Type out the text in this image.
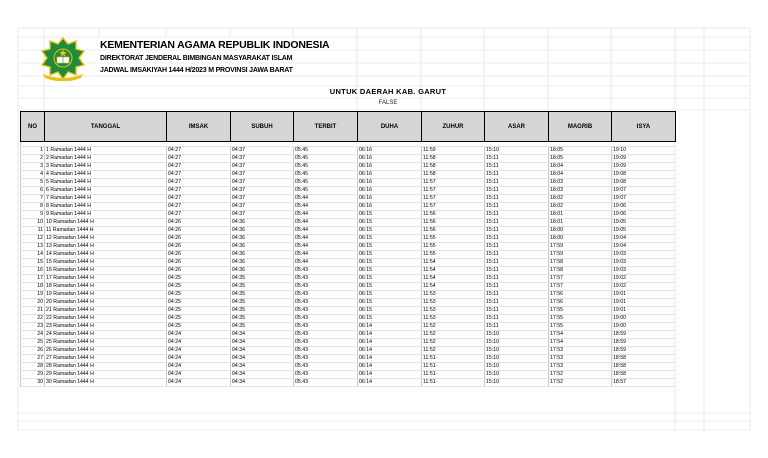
KEMENTERIAN AGAMA REPUBLIK INDONESIA
DIREKTORAT JENDERAL BIMBINGAN MASYARAKAT ISLAM
JADWAL IMSAKIYAH 1444 H/2023 M PROVINSI JAWA BARAT
UNTUK DAERAH KAB. GARUT
FALSE
NO	TANGGAL	IMSAK	SUBUH	TERBIT	DUHA	ZUHUR	ASAR	MAGRIB	ISYA

1	1 Ramadan 1444 H	04:27	04:37	05:45	06:16	11:59	15:10	18:05	19:10
2	2 Ramadan 1444 H	04:27	04:37	05:45	06:16	11:58	15:11	18:05	19:09
3	3 Ramadan 1444 H	04:27	04:37	05:45	06:16	11:58	15:11	18:04	19:09
4	4 Ramadan 1444 H	04:27	04:37	05:45	06:16	11:58	15:11	18:04	19:08
5	5 Ramadan 1444 H	04:27	04:37	05:45	06:16	11:57	15:11	18:03	19:08
6	6 Ramadan 1444 H	04:27	04:37	05:45	06:16	11:57	15:11	18:03	19:07
7	7 Ramadan 1444 H	04:27	04:37	05:44	06:16	11:57	15:11	18:02	19:07
8	8 Ramadan 1444 H	04:27	04:37	05:44	06:16	11:57	15:11	18:02	19:06
9	9 Ramadan 1444 H	04:27	04:37	05:44	06:15	11:56	15:11	18:01	19:06
10	10 Ramadan 1444 H	04:26	04:36	05:44	06:15	11:56	15:11	18:01	19:05
11	11 Ramadan 1444 H	04:26	04:36	05:44	06:15	11:56	15:11	18:00	19:05
12	12 Ramadan 1444 H	04:26	04:36	05:44	06:15	11:55	15:11	18:00	19:04
13	13 Ramadan 1444 H	04:26	04:36	05:44	06:15	11:55	15:11	17:59	19:04
14	14 Ramadan 1444 H	04:26	04:36	05:44	06:15	11:55	15:11	17:59	19:03
15	15 Ramadan 1444 H	04:26	04:36	05:44	06:15	11:54	15:11	17:58	19:03
16	16 Ramadan 1444 H	04:26	04:36	05:43	06:15	11:54	15:11	17:58	19:03
17	17 Ramadan 1444 H	04:25	04:35	05:43	06:15	11:54	15:11	17:57	19:02
18	18 Ramadan 1444 H	04:25	04:35	05:43	06:15	11:54	15:11	17:57	19:02
19	19 Ramadan 1444 H	04:25	04:35	05:43	06:15	11:53	15:11	17:56	19:01
20	20 Ramadan 1444 H	04:25	04:35	05:43	06:15	11:53	15:11	17:56	19:01
21	21 Ramadan 1444 H	04:25	04:35	05:43	06:15	11:53	15:11	17:55	19:01
22	22 Ramadan 1444 H	04:25	04:35	05:43	06:15	11:53	15:11	17:55	19:00
23	23 Ramadan 1444 H	04:25	04:35	05:43	06:14	11:52	15:11	17:55	19:00
24	24 Ramadan 1444 H	04:24	04:34	05:43	06:14	11:52	15:10	17:54	18:59
25	25 Ramadan 1444 H	04:24	04:34	05:43	06:14	11:52	15:10	17:54	18:59
26	26 Ramadan 1444 H	04:24	04:34	05:43	06:14	11:52	15:10	17:53	18:59
27	27 Ramadan 1444 H	04:24	04:34	05:43	06:14	11:51	15:10	17:53	18:58
28	28 Ramadan 1444 H	04:24	04:34	05:43	06:14	11:51	15:10	17:53	18:58
29	29 Ramadan 1444 H	04:24	04:34	05:43	06:14	11:51	15:10	17:52	18:58
30	30 Ramadan 1444 H	04:24	04:34	05:43	06:14	11:51	15:10	17:52	18:57
